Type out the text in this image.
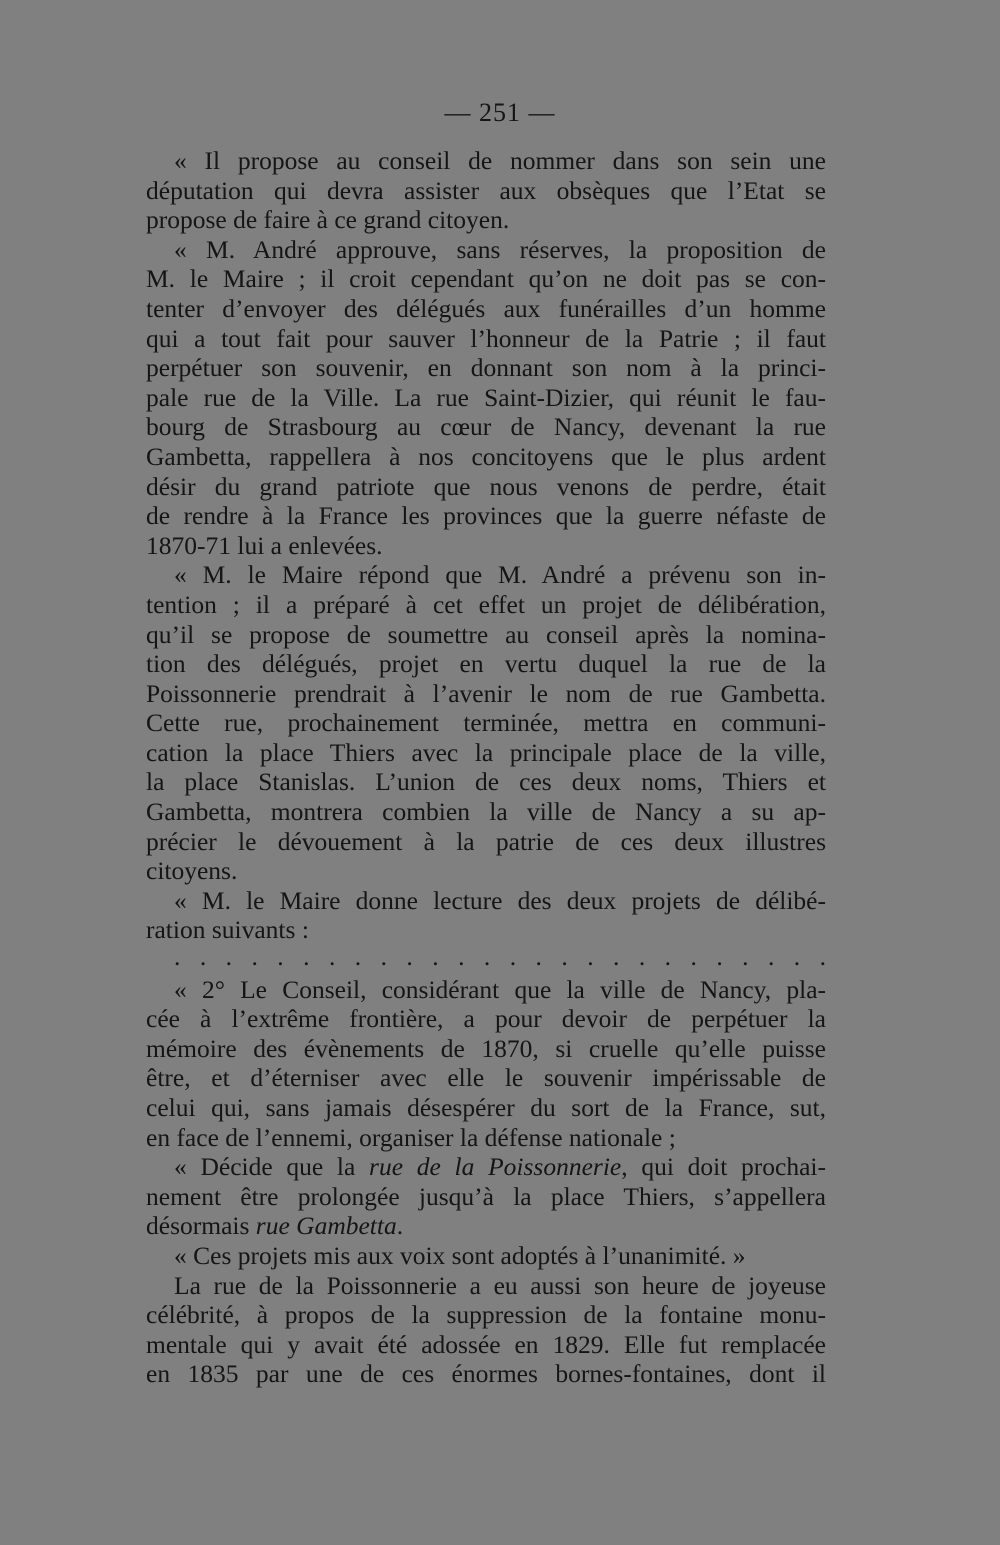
— 251 —
« Il propose au conseil de nommer dans son sein une
députation qui devra assister aux obsèques que l’Etat se
propose de faire à ce grand citoyen.
« M. André approuve, sans réserves, la proposition de
M. le Maire ; il croit cependant qu’on ne doit pas se con-
tenter d’envoyer des délégués aux funérailles d’un homme
qui a tout fait pour sauver l’honneur de la Patrie ; il faut
perpétuer son souvenir, en donnant son nom à la princi-
pale rue de la Ville. La rue Saint-Dizier, qui réunit le fau-
bourg de Strasbourg au cœur de Nancy, devenant la rue
Gambetta, rappellera à nos concitoyens que le plus ardent
désir du grand patriote que nous venons de perdre, était
de rendre à la France les provinces que la guerre néfaste de
1870-71 lui a enlevées.
« M. le Maire répond que M. André a prévenu son in-
tention ; il a préparé à cet effet un projet de délibération,
qu’il se propose de soumettre au conseil après la nomina-
tion des délégués, projet en vertu duquel la rue de la
Poissonnerie prendrait à l’avenir le nom de rue Gambetta.
Cette rue, prochainement terminée, mettra en communi-
cation la place Thiers avec la principale place de la ville,
la place Stanislas. L’union de ces deux noms, Thiers et
Gambetta, montrera combien la ville de Nancy a su ap-
précier le dévouement à la patrie de ces deux illustres
citoyens.
« M. le Maire donne lecture des deux projets de délibé-
ration suivants :
. . . . . . . . . . . . . . . . . . . . . . . . . .
« 2° Le Conseil, considérant que la ville de Nancy, pla-
cée à l’extrême frontière, a pour devoir de perpétuer la
mémoire des évènements de 1870, si cruelle qu’elle puisse
être, et d’éterniser avec elle le souvenir impérissable de
celui qui, sans jamais désespérer du sort de la France, sut,
en face de l’ennemi, organiser la défense nationale ;
« Décide que la rue de la Poissonnerie, qui doit prochai-
nement être prolongée jusqu’à la place Thiers, s’appellera
désormais rue Gambetta.
« Ces projets mis aux voix sont adoptés à l’unanimité. »
La rue de la Poissonnerie a eu aussi son heure de joyeuse
célébrité, à propos de la suppression de la fontaine monu-
mentale qui y avait été adossée en 1829. Elle fut remplacée
en 1835 par une de ces énormes bornes-fontaines, dont il
